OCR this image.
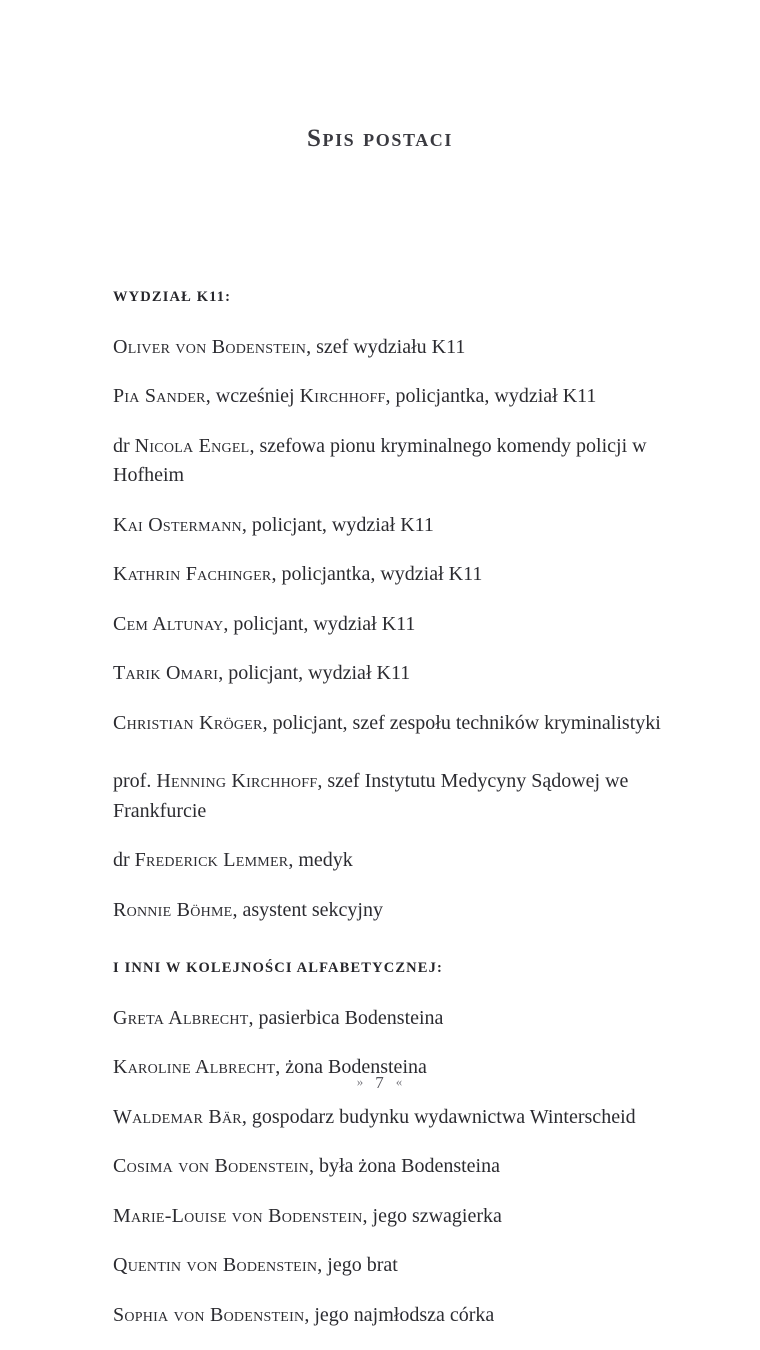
Spis postaci
WYDZIAŁ K11:

Oliver von Bodenstein, szef wydziału K11

Pia Sander, wcześniej Kirchhoff, policjantka, wydział K11

dr Nicola Engel, szefowa pionu kryminalnego komendy policji w Hofheim

Kai Ostermann, policjant, wydział K11

Kathrin Fachinger, policjantka, wydział K11

Cem Altunay, policjant, wydział K11

Tarik Omari, policjant, wydział K11

Christian Kröger, policjant, szef zespołu techników kryminalistyki

prof. Henning Kirchhoff, szef Instytutu Medycyny Sądowej we Frankfurcie

dr Frederick Lemmer, medyk

Ronnie Böhme, asystent sekcyjny

I INNI W KOLEJNOŚCI ALFABETYCZNEJ:

Greta Albrecht, pasierbica Bodensteina

Karoline Albrecht, żona Bodensteina

Waldemar Bär, gospodarz budynku wydawnictwa Winterscheid

Cosima von Bodenstein, była żona Bodensteina

Marie-Louise von Bodenstein, jego szwagierka

Quentin von Bodenstein, jego brat

Sophia von Bodenstein, jego najmłodsza córka

» 7 «
